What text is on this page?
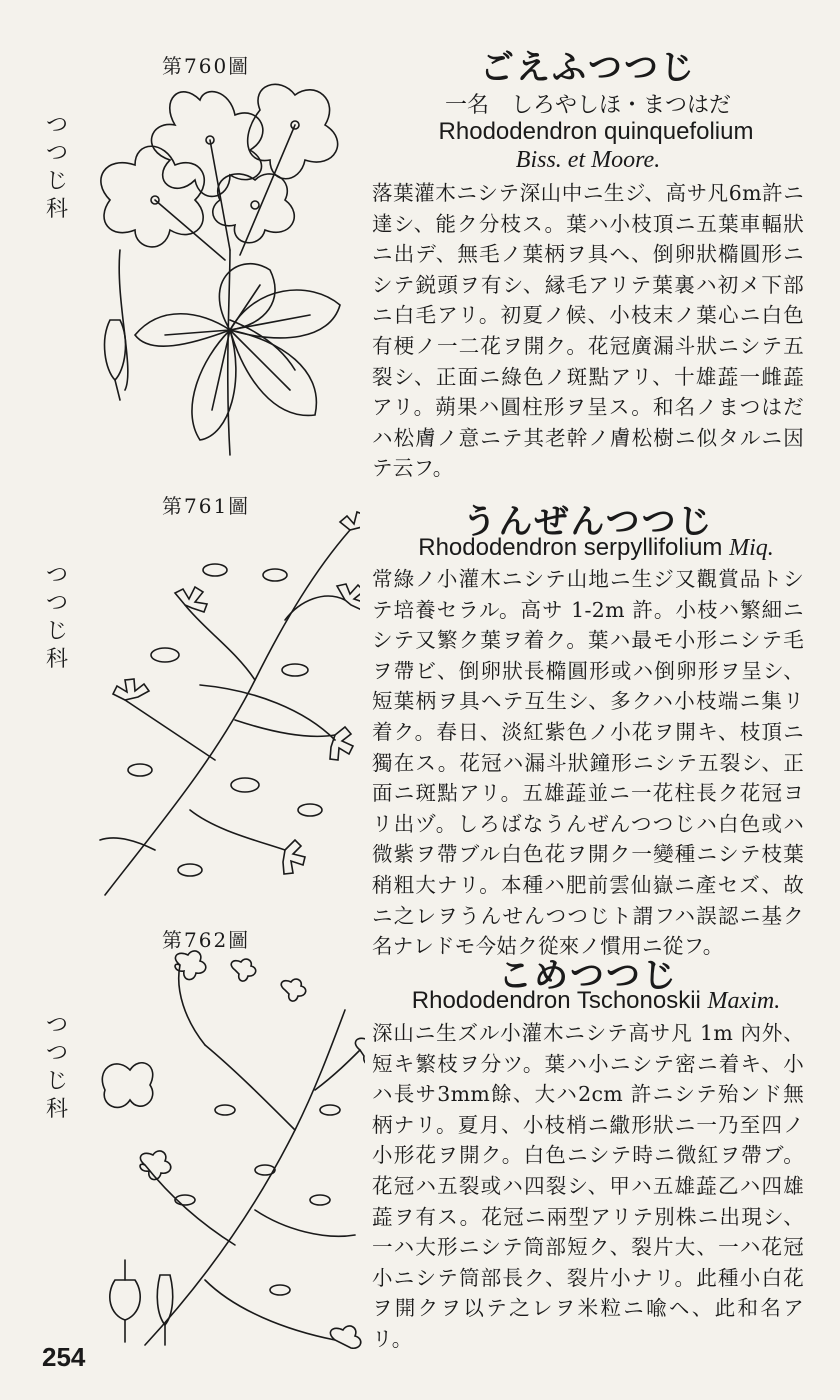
第760圖
つつじ科
ごえふつつじ
一名　しろやしほ・まつはだ
Rhododendron quinquefolium
Biss. et Moore.
落葉灌木ニシテ深山中ニ生ジ、高サ凡6m許ニ達シ、能ク分枝ス。葉ハ小枝頂ニ五葉車輻狀ニ出デ、無毛ノ葉柄ヲ具ヘ、倒卵狀橢圓形ニシテ鋭頭ヲ有シ、縁毛アリテ葉裏ハ初メ下部ニ白毛アリ。初夏ノ候、小枝末ノ葉心ニ白色有梗ノ一二花ヲ開ク。花冠廣漏斗狀ニシテ五裂シ、正面ニ綠色ノ斑點アリ、十雄蕋一雌蕋アリ。蒴果ハ圓柱形ヲ呈ス。和名ノまつはだハ松膚ノ意ニテ其老幹ノ膚松樹ニ似タルニ因テ云フ。
第761圖
つつじ科
うんぜんつつじ
Rhododendron serpyllifolium Miq.
常綠ノ小灌木ニシテ山地ニ生ジ又觀賞品トシテ培養セラル。高サ 1-2m 許。小枝ハ繁細ニシテ又繁ク葉ヲ着ク。葉ハ最モ小形ニシテ毛ヲ帶ビ、倒卵狀長橢圓形或ハ倒卵形ヲ呈シ、短葉柄ヲ具ヘテ互生シ、多クハ小枝端ニ集リ着ク。春日、淡紅紫色ノ小花ヲ開キ、枝頂ニ獨在ス。花冠ハ漏斗狀鐘形ニシテ五裂シ、正面ニ斑點アリ。五雄蕋並ニ一花柱長ク花冠ヨリ出ヅ。しろばなうんぜんつつじハ白色或ハ微紫ヲ帶ブル白色花ヲ開ク一變種ニシテ枝葉稍粗大ナリ。本種ハ肥前雲仙嶽ニ產セズ、故ニ之レヲうんせんつつじト謂フハ誤認ニ基ク名ナレドモ今姑ク從來ノ慣用ニ從フ。
第762圖
つつじ科
こめつつじ
Rhododendron Tschonoskii Maxim.
深山ニ生ズル小灌木ニシテ高サ凡 1m 內外、短キ繁枝ヲ分ツ。葉ハ小ニシテ密ニ着キ、小ハ長サ3mm餘、大ハ2cm 許ニシテ殆ンド無柄ナリ。夏月、小枝梢ニ繖形狀ニ一乃至四ノ小形花ヲ開ク。白色ニシテ時ニ微紅ヲ帶ブ。花冠ハ五裂或ハ四裂シ、甲ハ五雄蕋乙ハ四雄蕋ヲ有ス。花冠ニ兩型アリテ別株ニ出現シ、一ハ大形ニシテ筒部短ク、裂片大、一ハ花冠小ニシテ筒部長ク、裂片小ナリ。此種小白花ヲ開クヲ以テ之レヲ米粒ニ喩ヘ、此和名アリ。
254
